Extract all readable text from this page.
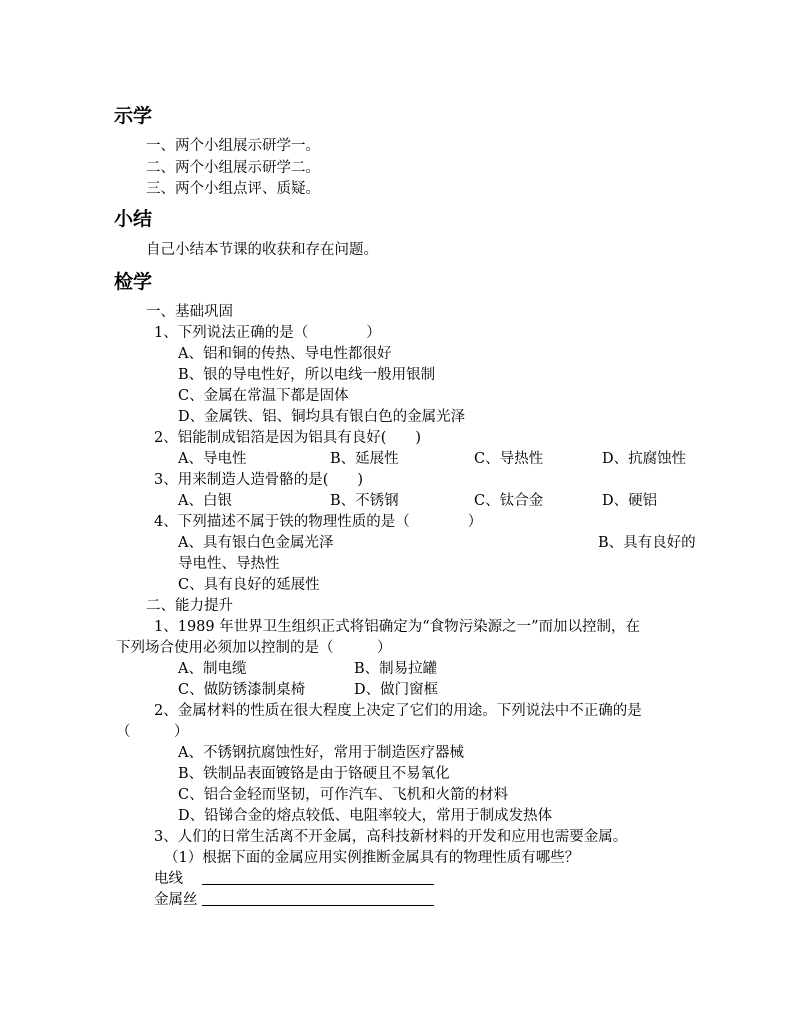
示学
一、两个小组展示研学一。
二、两个小组展示研学二。
三、两个小组点评、质疑。
小结
自己小结本节课的收获和存在问题。
检学
一、基础巩固
1、下列说法正确的是（　　　　）
A、铝和铜的传热、导电性都很好
B、银的导电性好，所以电线一般用银制
C、金属在常温下都是固体
D、金属铁、铝、铜均具有银白色的金属光泽
2、铝能制成铝箔是因为铝具有良好(　　)
A、导电性	B、延展性	C、导热性	D、抗腐蚀性
3、用来制造人造骨骼的是(　　)
A、白银	B、不锈钢	C、钛合金	D、硬铝
4、下列描述不属于铁的物理性质的是（　　　　）
A、具有银白色金属光泽	B、具有良好的
导电性、导热性
C、具有良好的延展性
二、能力提升
1、1989 年世界卫生组织正式将铝确定为“食物污染源之一”而加以控制，在
下列场合使用必须加以控制的是（　　　）
A、制电缆	B、制易拉罐
C、做防锈漆制桌椅	D、做门窗框
2、金属材料的性质在很大程度上决定了它们的用途。下列说法中不正确的是
（　　　）
A、不锈钢抗腐蚀性好，常用于制造医疗器械
B、铁制品表面镀铬是由于铬硬且不易氧化
C、铝合金轻而坚韧，可作汽车、飞机和火箭的材料
D、铅锑合金的熔点较低、电阻率较大，常用于制成发热体
3、人们的日常生活离不开金属，高科技新材料的开发和应用也需要金属。
（1）根据下面的金属应用实例推断金属具有的物理性质有哪些？
电线
金属丝
